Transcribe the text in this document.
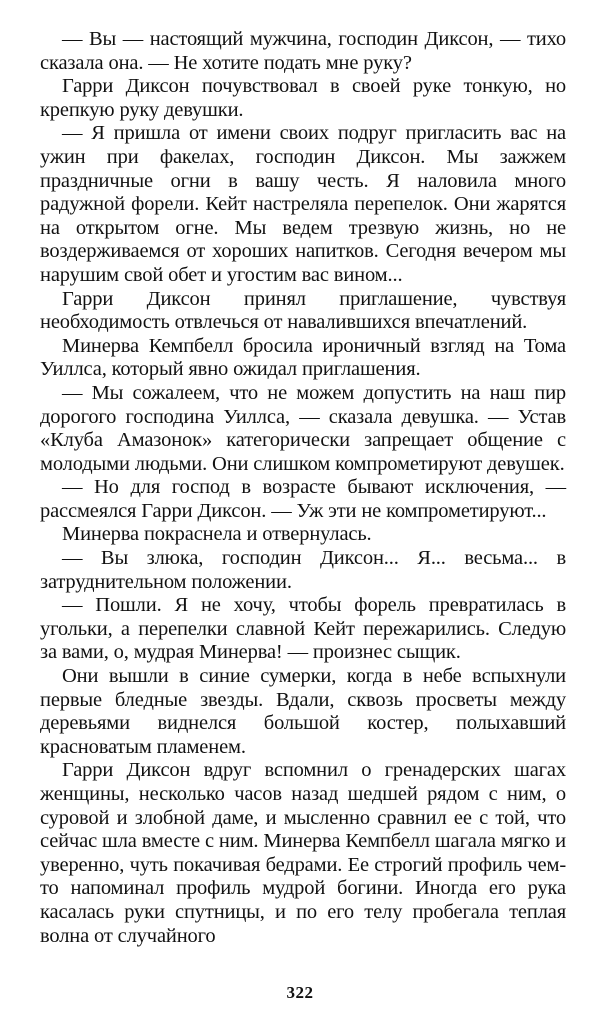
— Вы — настоящий мужчина, господин Диксон, — тихо сказала она. — Не хотите подать мне руку?

Гарри Диксон почувствовал в своей руке тонкую, но крепкую руку девушки.

— Я пришла от имени своих подруг пригласить вас на ужин при факелах, господин Диксон. Мы зажжем праздничные огни в вашу честь. Я наловила много радужной форели. Кейт настреляла перепелок. Они жарятся на открытом огне. Мы ведем трезвую жизнь, но не воздерживаемся от хороших напитков. Сегодня вечером мы нарушим свой обет и угостим вас вином...

Гарри Диксон принял приглашение, чувствуя необходимость отвлечься от навалившихся впечатлений.

Минерва Кемпбелл бросила ироничный взгляд на Тома Уиллса, который явно ожидал приглашения.

— Мы сожалеем, что не можем допустить на наш пир дорогого господина Уиллса, — сказала девушка. — Устав «Клуба Амазонок» категорически запрещает общение с молодыми людьми. Они слишком компрометируют девушек.

— Но для господ в возрасте бывают исключения, — рассмеялся Гарри Диксон. — Уж эти не компрометируют...

Минерва покраснела и отвернулась.

— Вы злюка, господин Диксон... Я... весьма... в затруднительном положении.

— Пошли. Я не хочу, чтобы форель превратилась в угольки, а перепелки славной Кейт пережарились. Следую за вами, о, мудрая Минерва! — произнес сыщик.

Они вышли в синие сумерки, когда в небе вспыхнули первые бледные звезды. Вдали, сквозь просветы между деревьями виднелся большой костер, полыхавший красноватым пламенем.

Гарри Диксон вдруг вспомнил о гренадерских шагах женщины, несколько часов назад шедшей рядом с ним, о суровой и злобной даме, и мысленно сравнил ее с той, что сейчас шла вместе с ним. Минерва Кемпбелл шагала мягко и уверенно, чуть покачивая бедрами. Ее строгий профиль чем-то напоминал профиль мудрой богини. Иногда его рука касалась руки спутницы, и по его телу пробегала теплая волна от случайного

322
